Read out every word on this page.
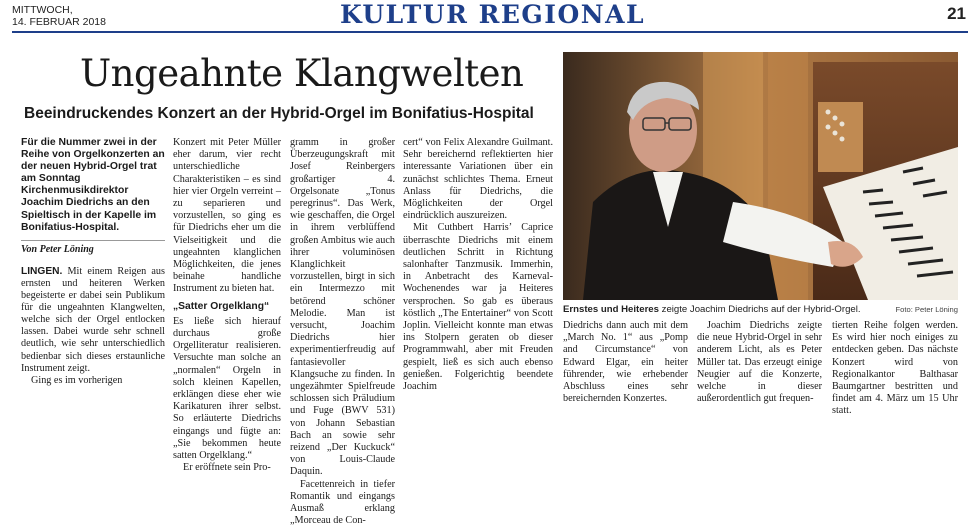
MITTWOCH,
14. FEBRUAR 2018	KULTUR REGIONAL	21
Ungeahnte Klangwelten
Beeindruckendes Konzert an der Hybrid-Orgel im Bonifatius-Hospital
Für die Nummer zwei in der Reihe von Orgelkonzerten an der neuen Hybrid-Orgel trat am Sonntag Kirchenmusikdirektor Joachim Diedrichs an den Spieltisch in der Kapelle im Bonifatius-Hospital.
Von Peter Löning
LINGEN. Mit einem Reigen aus ernsten und heiteren Werken begeisterte er dabei sein Publikum für die ungeahnten Klangwelten, welche sich der Orgel entlocken lassen. Dabei wurde sehr schnell deutlich, wie sehr unterschiedlich bedienbar sich dieses erstaunliche Instrument zeigt.

Ging es im vorherigen

Konzert mit Peter Müller eher darum, vier recht unterschiedliche Charakteristiken – es sind hier vier Orgeln verreint – zu separieren und vorzustellen, so ging es für Diedrichs eher um die Vielseitigkeit und die ungeahnten klanglichen Möglichkeiten, die jenes beinahe handliche Instrument zu bieten hat.

„Satter Orgelklang“

Es ließe sich hierauf durchaus große Orgelliteratur realisieren. Versuchte man solche an „normalen“ Orgeln in solch kleinen Kapellen, erklängen diese eher wie Karikaturen ihrer selbst. So erläuterte Diedrichs eingangs und fügte an: „Sie bekommen heute satten Orgelklang.“

Er eröffnete sein Pro-

gramm in großer Überzeugungskraft mit Josef Reinbergers großartiger 4. Orgelsonate „Tonus peregrinus“. Das Werk, wie geschaffen, die Orgel in ihrem verblüffend großen Ambitus wie auch ihrer voluminösen Klanglichkeit vorzustellen, birgt in sich ein Intermezzo mit betörend schöner Melodie. Man ist versucht, Joachim Diedrichs hier experimentierfreudig auf fantasievoller Klangsuche zu finden. In ungezähmter Spielfreude schlossen sich Präludium und Fuge (BWV 531) von Johann Sebastian Bach an sowie sehr reizend „Der Kuckuck“ von Louis-Claude Daquin.

Facettenreich in tiefer Romantik und eingangs Ausmaß erklang „Morceau de Con-

cert“ von Felix Alexandre Guilmant. Sehr bereichernd reflektierten hier interessante Variationen über ein zunächst schlichtes Thema. Erneut Anlass für Diedrichs, die Möglichkeiten der Orgel eindrücklich auszureizen.

Mit Cuthbert Harris’ Caprice überraschte Diedrichs mit einem deutlichen Schritt in Richtung salonhafter Tanzmusik. Immerhin, in Anbetracht des Karneval-Wochenendes war ja Heiteres versprochen. So gab es überaus köstlich „The Entertainer“ von Scott Joplin. Vielleicht konnte man etwas ins Stolpern geraten ob dieser Programmwahl, aber mit Freuden gespielt, ließ es sich auch ebenso genießen. Folgerichtig beendete Joachim

Ernstes und Heiteres zeigte Joachim Diedrichs auf der Hybrid-Orgel.	Foto: Peter Löning

Diedrichs dann auch mit dem „March No. 1“ aus „Pomp and Circumstance“ von Edward Elgar, ein heiter führender, wie erhebender Abschluss eines sehr bereichernden Konzertes.

Joachim Diedrichs zeigte die neue Hybrid-Orgel in sehr anderem Licht, als es Peter Müller tat. Das erzeugt einige Neugier auf die Konzerte, welche in dieser außerordentlich gut frequen-

tierten Reihe folgen werden. Es wird hier noch einiges zu entdecken geben. Das nächste Konzert wird von Regionalkantor Balthasar Baumgartner bestritten und findet am 4. März um 15 Uhr statt.
